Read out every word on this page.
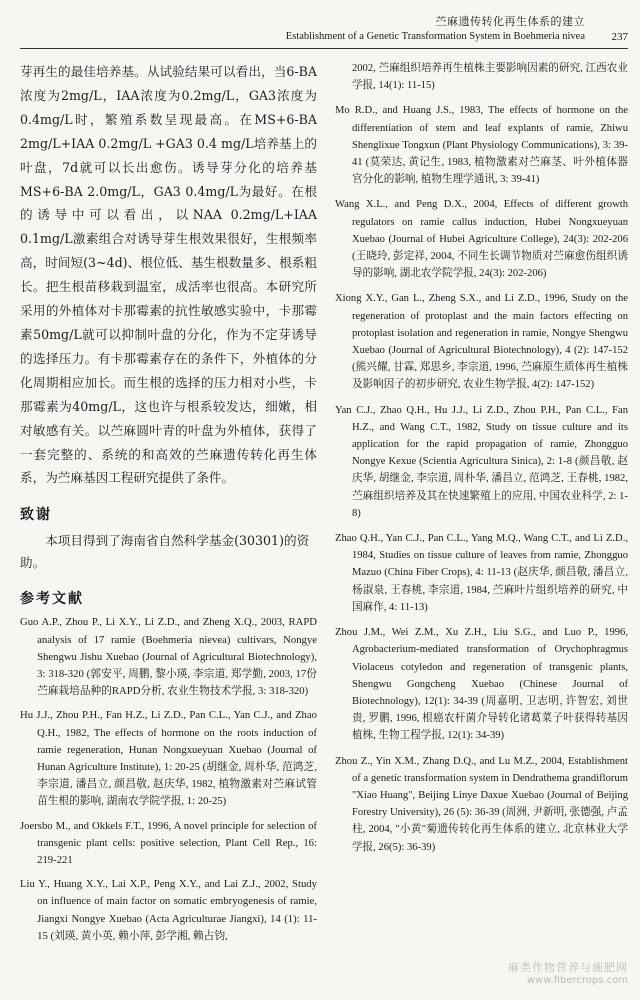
苎麻遗传转化再生体系的建立
Establishment of a Genetic Transformation System in Boehmeria nivea 237

芽再生的最佳培养基。从试验结果可以看出，当6-BA浓度为2mg/L，IAA浓度为0.2mg/L，GA3浓度为0.4mg/L时，繁殖系数呈现最高。在MS+6-BA 2mg/L+IAA 0.2mg/L +GA3 0.4 mg/L培养基上的叶盘，7d就可以长出愈伤。诱导芽分化的培养基MS+6-BA 2.0mg/L，GA3 0.4mg/L为最好。在根的诱导中可以看出，以NAA 0.2mg/L+IAA 0.1mg/L激素组合对诱导芽生根效果很好，生根频率高，时间短(3~4d)、根位低、基生根数量多、根系粗长。把生根苗移栽到温室，成活率也很高。本研究所采用的外植体对卡那霉素的抗性敏感实验中，卡那霉素50mg/L就可以抑制叶盘的分化，作为不定芽诱导的选择压力。有卡那霉素存在的条件下，外植体的分化周期相应加长。而生根的选择的压力相对小些，卡那霉素为40mg/L，这也许与根系较发达，细嫩，相对敏感有关。以苎麻圆叶青的叶盘为外植体，获得了一套完整的、系统的和高效的苎麻遗传转化再生体系，为苎麻基因工程研究提供了条件。

致谢

本项目得到了海南省自然科学基金(30301)的资助。

参考文献
Guo A.P., Zhou P., Li X.Y., Li Z.D., and Zheng X.Q., 2003, RAPD analysis of 17 ramie (Boehmeria nievea) cultivars, Nongye Shengwu Jishu Xuebao (Journal of Agricultural Biotechnology), 3: 318-320 (郭安平, 周鹏, 黎小瑛, 李宗道, 郑学勤, 2003, 17份苎麻栽培品种的RAPD分析, 农业生物技术学报, 3: 318-320)
Hu J.J., Zhou P.H., Fan H.Z., Li Z.D., Pan C.L., Yan C.J., and Zhao Q.H., 1982, The effects of hormone on the roots induction of ramie regeneration, Hunan Nongxueyuan Xuebao (Journal of Hunan Agriculture Institute), 1: 20-25 (胡继金, 周朴华, 范鸿芝, 李宗道, 潘昌立, 颜昌敬, 赵庆华, 1982, 植物激素对苎麻试管苗生根的影响, 湖南农学院学报, 1: 20-25)
Joersbo M., and Okkels F.T., 1996, A novel principle for selection of transgenic plant cells: positive selection, Plant Cell Rep., 16: 219-221
Liu Y., Huang X.Y., Lai X.P., Peng X.Y., and Lai Z.J., 2002, Study on influence of main factor on somatic embryogenesis of ramie, Jiangxi Nongye Xuebao (Acta Agriculturae Jiangxi), 14 (1): 11-15 (刘瑛, 黄小英, 赖小萍, 彭学湘, 赖占钧,
2002, 苎麻组织培养再生植株主要影响因素的研究, 江西农业学报, 14(1): 11-15)
Mo R.D., and Huang J.S., 1983, The effects of hormone on the differentiation of stem and leaf explants of ramie, Zhiwu Shenglixue Tongxun (Plant Physiology Communications), 3: 39-41 (莫荣达, 黄记生, 1983, 植物激素对苎麻茎、叶外植体器官分化的影响, 植物生理学通讯, 3: 39-41)
Wang X.L., and Peng D.X., 2004, Effects of different growth regulators on ramie callus induction, Hubei Nongxueyuan Xuebao (Journal of Hubei Agriculture College), 24(3): 202-206 (王晓玲, 彭定祥, 2004, 不同生长调节物质对苎麻愈伤组织诱导的影响, 湖北农学院学报, 24(3): 202-206)
Xiong X.Y., Gan L., Zheng S.X., and Li Z.D., 1996, Study on the regeneration of protoplast and the main factors effecting on protoplast isolation and regeneration in ramie, Nongye Shengwu Xuebao (Journal of Agricultural Biotechnology), 4 (2): 147-152 (熊兴耀, 甘霖, 郑思乡, 李宗道, 1996, 苎麻原生质体再生植株及影响因子的初步研究, 农业生物学报, 4(2): 147-152)
Yan C.J., Zhao Q.H., Hu J.J., Li Z.D., Zhou P.H., Pan C.L., Fan H.Z., and Wang C.T., 1982, Study on tissue culture and its application for the rapid propagation of ramie, Zhongguo Nongye Kexue (Scientia Agricultura Sinica), 2: 1-8 (颜昌敬, 赵庆华, 胡继金, 李宗道, 周朴华, 潘昌立, 范鸿芝, 王春桃, 1982, 苎麻组织培养及其在快速繁殖上的应用, 中国农业科学, 2: 1-8)
Zhao Q.H., Yan C.J., Pan C.L., Yang M.Q., Wang C.T., and Li Z.D., 1984, Studies on tissue culture of leaves from ramie, Zhongguo Mazuo (China Fiber Crops), 4: 11-13 (赵庆华, 颜昌敬, 潘昌立, 杨淑泉, 王春桃, 李宗道, 1984, 苎麻叶片组织培养的研究, 中国麻作, 4: 11-13)
Zhou J.M., Wei Z.M., Xu Z.H., Liu S.G., and Luo P., 1996, Agrobacterium-mediated transformation of Orychophragmus Violaceus cotyledon and regeneration of transgenic plants, Shengwu Gongcheng Xuebao (Chinese Journal of Biotechnology), 12(1): 34-39 (周嘉明, 卫志明, 许智宏, 刘世贵, 罗鹏, 1996, 根癌农杆菌介导转化诸葛菜子叶获得转基因植株, 生物工程学报, 12(1): 34-39)
Zhou Z., Yin X.M., Zhang D.Q., and Lu M.Z., 2004, Establishment of a genetic transformation system in Dendrathema grandiflorum "Xiao Huang", Beijing Linye Daxue Xuebao (Journal of Beijing Forestry University), 26 (5): 36-39 (周洲, 尹新明, 张德强, 卢孟柱, 2004, "小黄"菊遗传转化再生体系的建立, 北京林业大学学报, 26(5): 36-39)
麻类作物营养与施肥网
www.fibercrops.com
